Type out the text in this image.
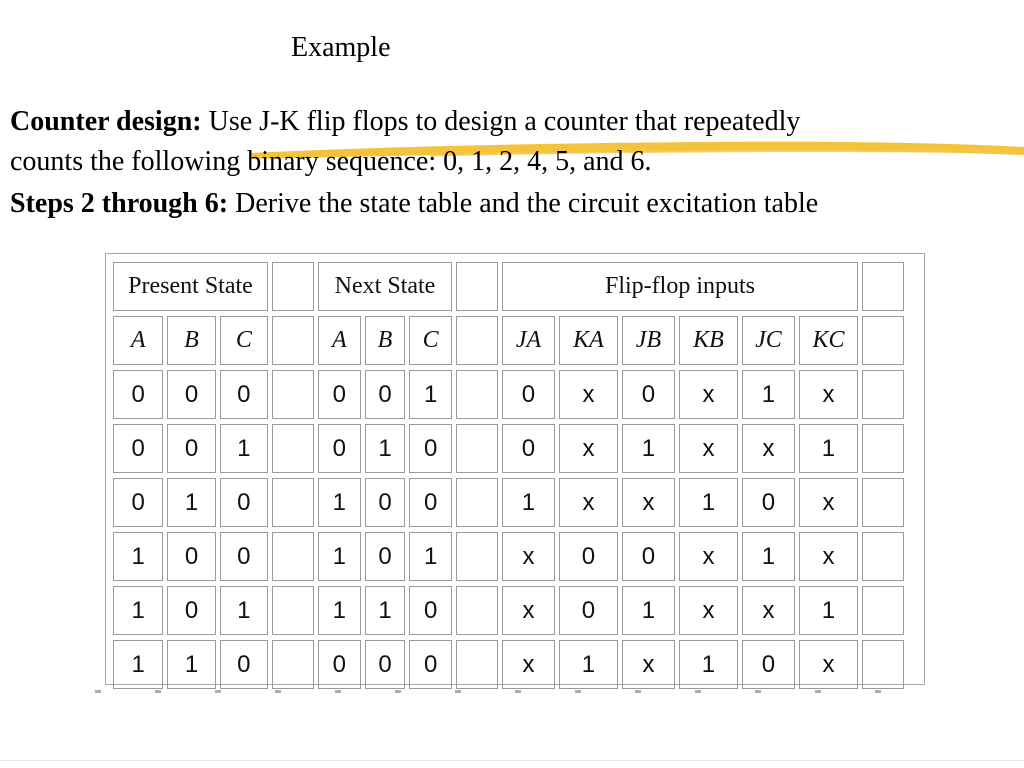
Example
Counter design: Use J-K flip flops to design a counter that repeatedly
counts the following binary sequence: 0, 1, 2, 4, 5, and 6.
Steps 2 through 6: Derive the state table and the circuit excitation table
Present State				Next State				Flip-flop inputs						
A	B	C		A	B	C		JA	KA	JB	KB	JC	KC	
0	0	0		0	0	1		0	x	0	x	1	x	
0	0	1		0	1	0		0	x	1	x	x	1	
0	1	0		1	0	0		1	x	x	1	0	x	
1	0	0		1	0	1		x	0	0	x	1	x	
1	0	1		1	1	0		x	0	1	x	x	1	
1	1	0		0	0	0		x	1	x	1	0	x	
